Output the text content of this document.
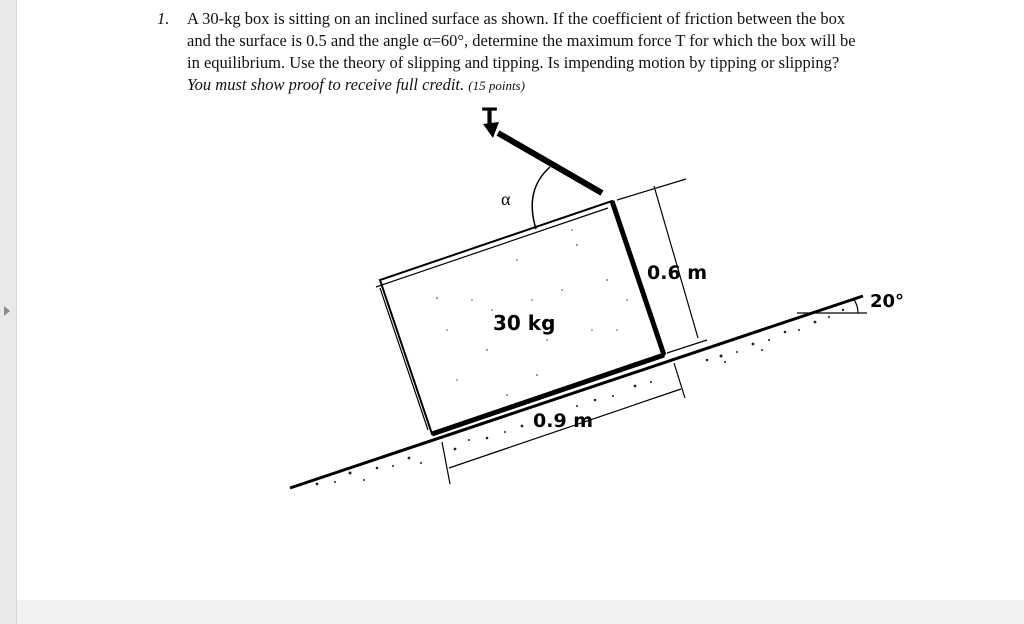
1. A 30-kg box is sitting on an inclined surface as shown. If the coefficient of friction between the box
and the surface is 0.5 and the angle α=60°, determine the maximum force T for which the box will be
in equilibrium. Use the theory of slipping and tipping. Is impending motion by tipping or slipping?
You must show proof to receive full credit. (15 points)
T
α
0.6 m
0.9 m
30 kg
20°
